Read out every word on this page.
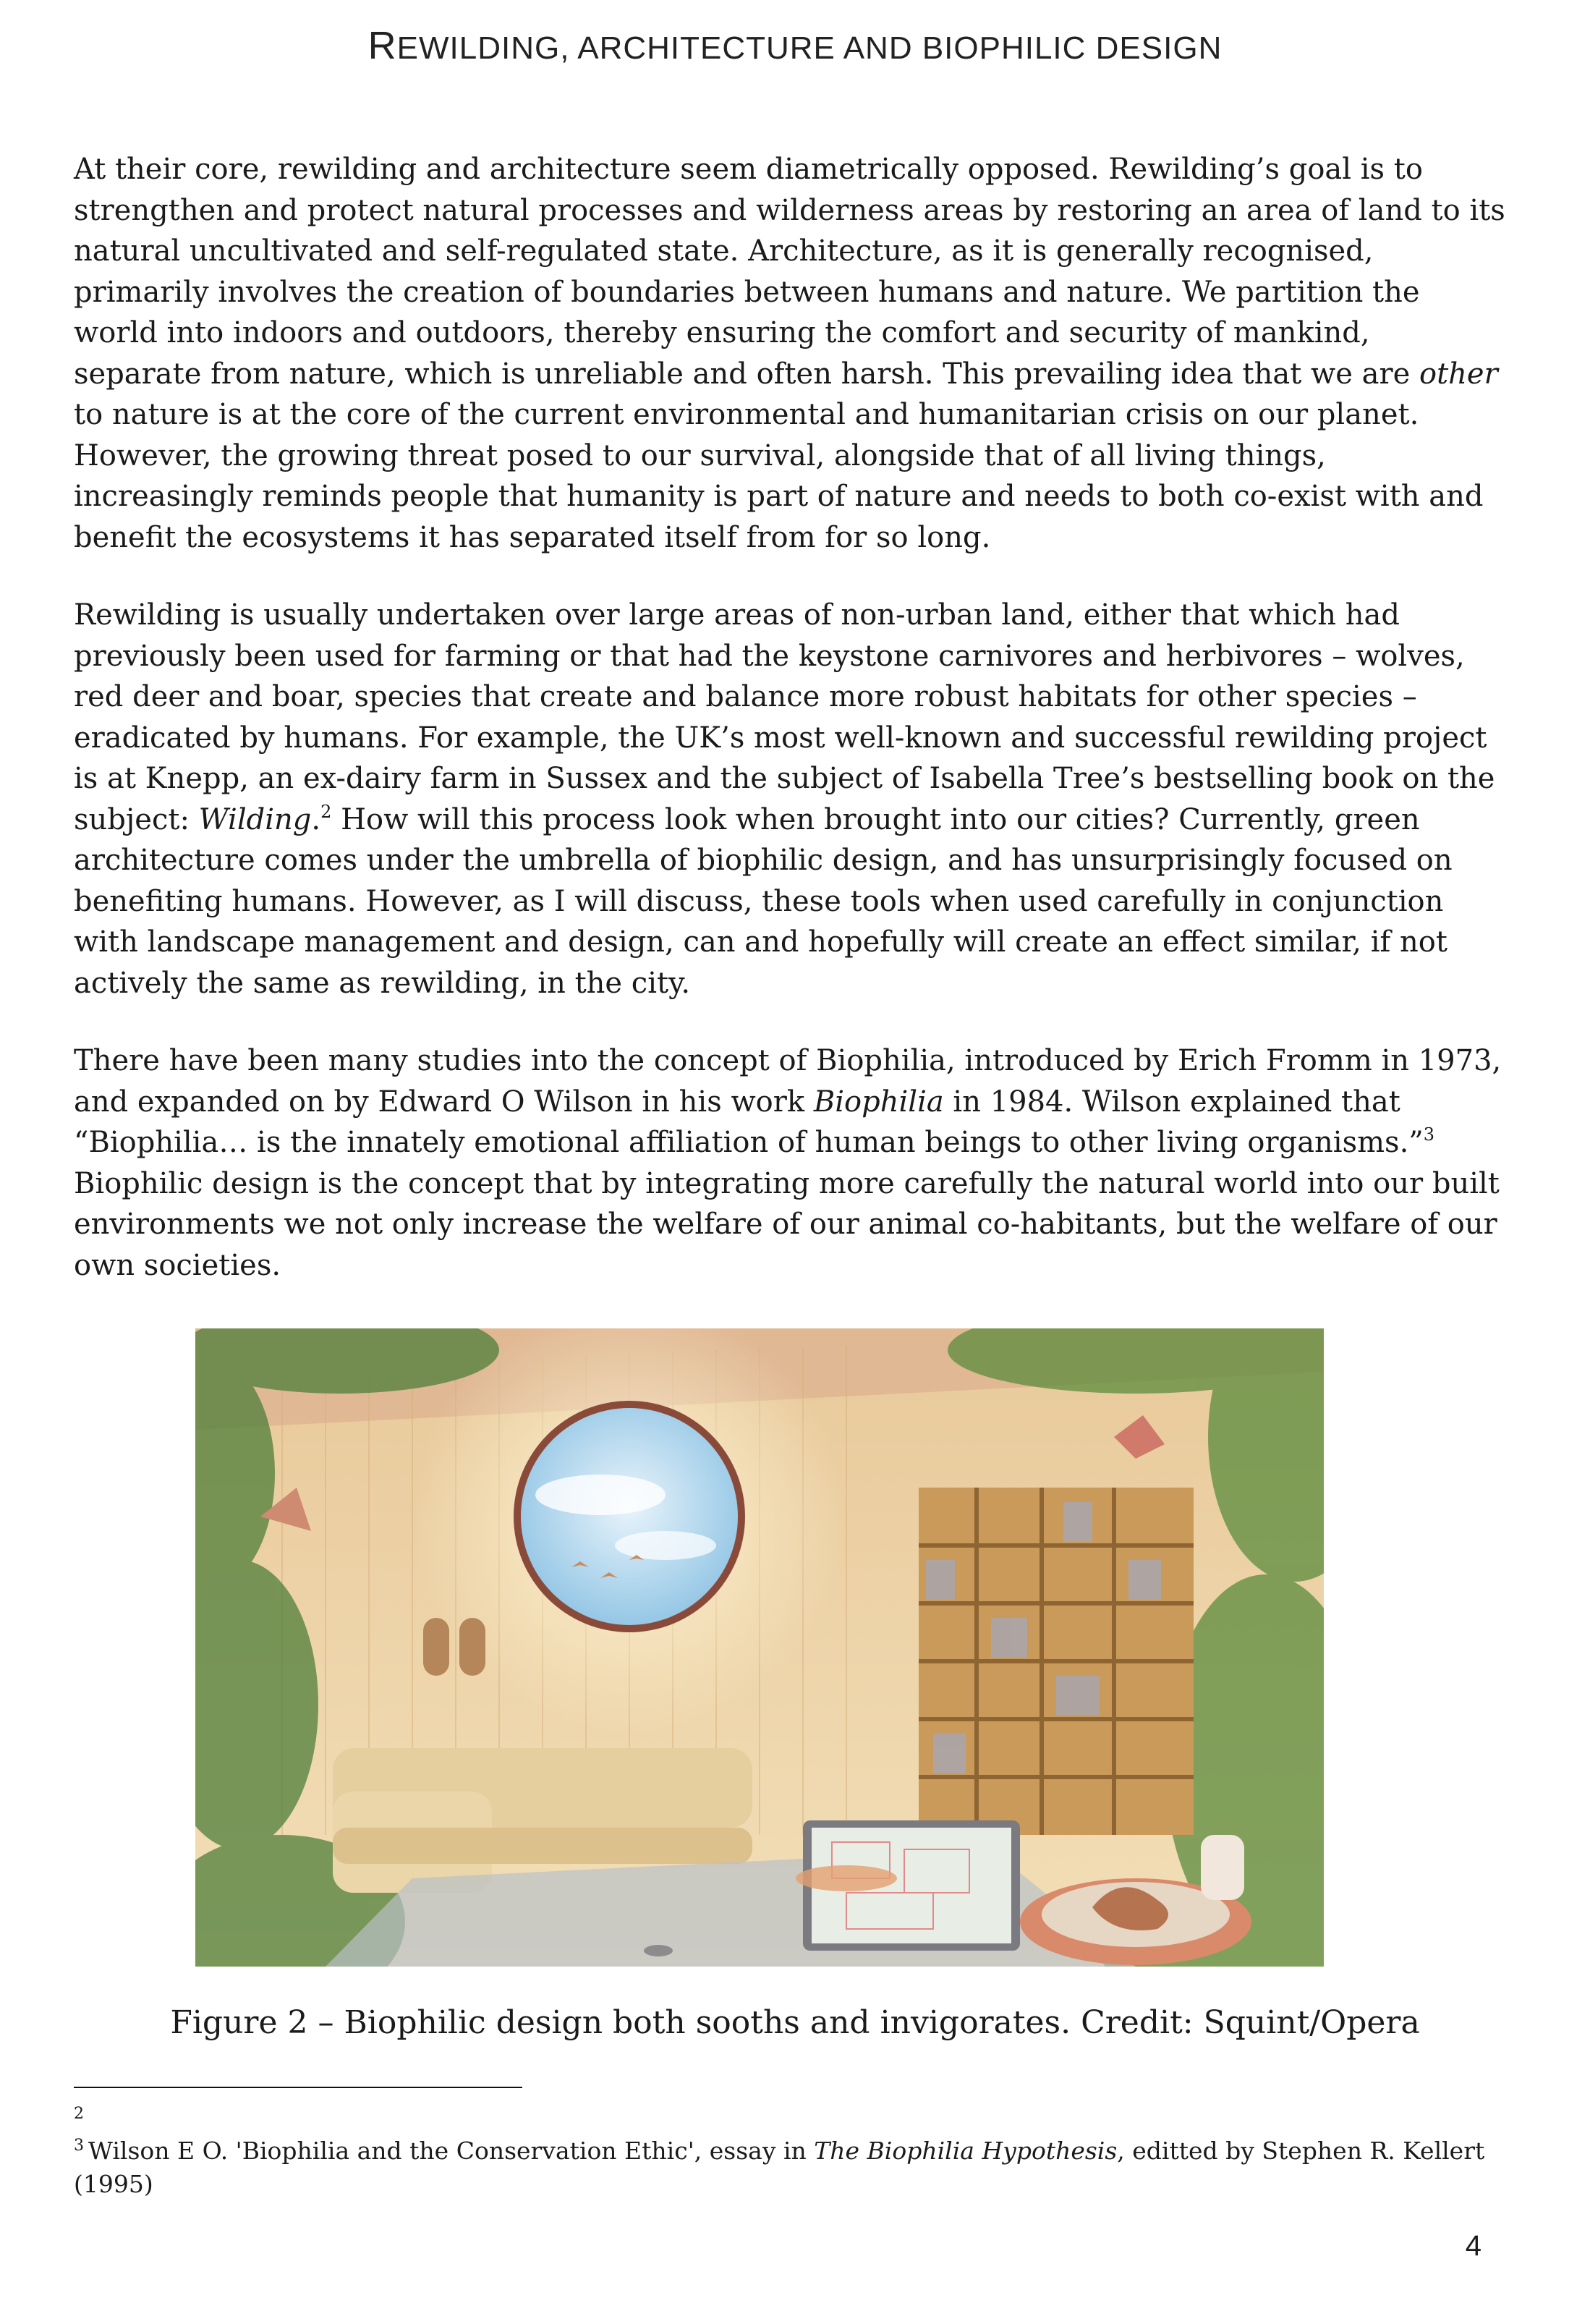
REWILDING, ARCHITECTURE AND BIOPHILIC DESIGN

At their core, rewilding and architecture seem diametrically opposed. Rewilding’s goal is to strengthen and protect natural processes and wilderness areas by restoring an area of land to its natural uncultivated and self-regulated state. Architecture, as it is generally recognised, primarily involves the creation of boundaries between humans and nature. We partition the world into indoors and outdoors, thereby ensuring the comfort and security of mankind, separate from nature, which is unreliable and often harsh. This prevailing idea that we are other to nature is at the core of the current environmental and humanitarian crisis on our planet. However, the growing threat posed to our survival, alongside that of all living things, increasingly reminds people that humanity is part of nature and needs to both co-exist with and benefit the ecosystems it has separated itself from for so long.

Rewilding is usually undertaken over large areas of non-urban land, either that which had previously been used for farming or that had the keystone carnivores and herbivores – wolves, red deer and boar, species that create and balance more robust habitats for other species – eradicated by humans. For example, the UK’s most well-known and successful rewilding project is at Knepp, an ex-dairy farm in Sussex and the subject of Isabella Tree’s bestselling book on the subject: Wilding.$^2$ How will this process look when brought into our cities? Currently, green architecture comes under the umbrella of biophilic design, and has unsurprisingly focused on benefiting humans. However, as I will discuss, these tools when used carefully in conjunction with landscape management and design, can and hopefully will create an effect similar, if not actively the same as rewilding, in the city.

There have been many studies into the concept of Biophilia, introduced by Erich Fromm in 1973, and expanded on by Edward O Wilson in his work Biophilia in 1984. Wilson explained that “Biophilia… is the innately emotional affiliation of human beings to other living organisms.”$^3$ Biophilic design is the concept that by integrating more carefully the natural world into our built environments we not only increase the welfare of our animal co-habitants, but the welfare of our own societies.

Figure 2 – Biophilic design both sooths and invigorates. Credit: Squint/Opera
$^2$
$^3$ Wilson E O. 'Biophilia and the Conservation Ethic', essay in The Biophilia Hypothesis, editted by Stephen R. Kellert (1995)
4
